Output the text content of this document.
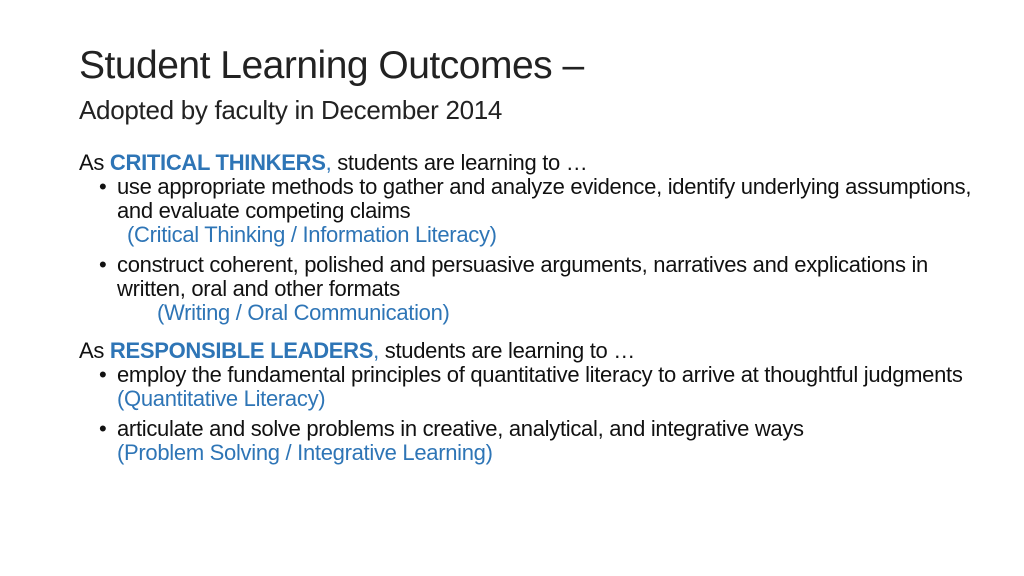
Student Learning Outcomes –
Adopted by faculty in December 2014
As CRITICAL THINKERS, students are learning to …
• use appropriate methods to gather and analyze evidence, identify underlying assumptions, and evaluate competing claims
(Critical Thinking / Information Literacy)
• construct coherent, polished and persuasive arguments, narratives and explications in written, oral and other formats
(Writing / Oral Communication)
As RESPONSIBLE LEADERS, students are learning to …
• employ the fundamental principles of quantitative literacy to arrive at thoughtful judgments (Quantitative Literacy)
• articulate and solve problems in creative, analytical, and integrative ways
(Problem Solving / Integrative Learning)
